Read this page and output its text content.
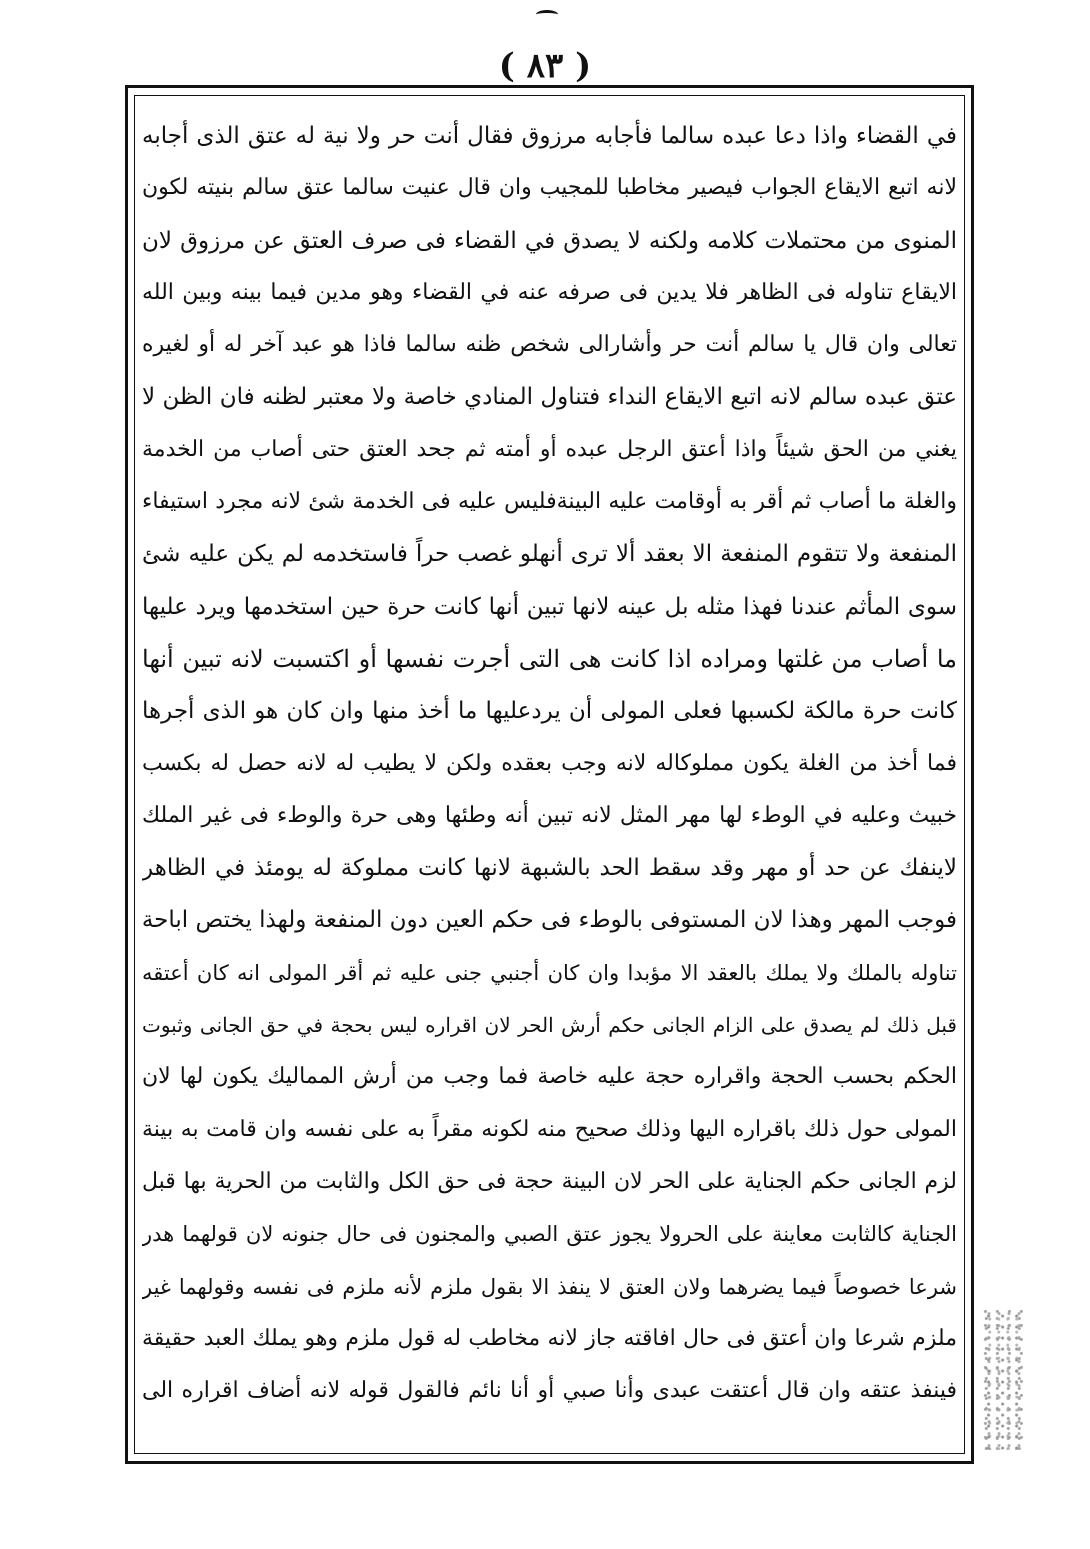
( ٨٣ )
في القضاء واذا دعا عبده سالما فأجابه مرزوق فقال أنت حر ولا نية له عتق الذى أجابه
لانه اتبع الايقاع الجواب فيصير مخاطبا للمجيب وان قال عنيت سالما عتق سالم بنيته لكون
المنوى من محتملات كلامه ولكنه لا يصدق في القضاء فى صرف العتق عن مرزوق لان
الايقاع تناوله فى الظاهر فلا يدين فى صرفه عنه في القضاء وهو مدين فيما بينه وبين الله
تعالى وان قال يا سالم أنت حر وأشارالى شخص ظنه سالما فاذا هو عبد آخر له أو لغيره
عتق عبده سالم لانه اتبع الايقاع النداء فتناول المنادي خاصة ولا معتبر لظنه فان الظن لا
يغني من الحق شيئاً واذا أعتق الرجل عبده أو أمته ثم جحد العتق حتى أصاب من الخدمة
والغلة ما أصاب ثم أقر به أوقامت عليه البينةفليس عليه فى الخدمة شئ لانه مجرد استيفاء
المنفعة ولا تتقوم المنفعة الا بعقد ألا ترى أنهلو غصب حراً فاستخدمه لم يكن عليه شئ
سوى المأثم عندنا فهذا مثله بل عينه لانها تبين أنها كانت حرة حين استخدمها ويرد عليها
ما أصاب من غلتها ومراده اذا كانت هى التى أجرت نفسها أو اكتسبت لانه تبين أنها
كانت حرة مالكة لكسبها فعلى المولى أن يردعليها ما أخذ منها وان كان هو الذى أجرها
فما أخذ من الغلة يكون مملوكاله لانه وجب بعقده ولكن لا يطيب له لانه حصل له بكسب
خبيث وعليه في الوطء لها مهر المثل لانه تبين أنه وطئها وهى حرة والوطء فى غير الملك
لاينفك عن حد أو مهر وقد سقط الحد بالشبهة لانها كانت مملوكة له يومئذ في الظاهر
فوجب المهر وهذا لان المستوفى بالوطء فى حكم العين دون المنفعة ولهذا يختص اباحة
تناوله بالملك ولا يملك بالعقد الا مؤبدا وان كان أجنبي جنى عليه ثم أقر المولى انه كان أعتقه
قبل ذلك لم يصدق على الزام الجانى حكم أرش الحر لان اقراره ليس بحجة في حق الجانى وثبوت
الحكم بحسب الحجة واقراره حجة عليه خاصة فما وجب من أرش المماليك يكون لها لان
المولى حول ذلك باقراره اليها وذلك صحيح منه لكونه مقراً به على نفسه وان قامت به بينة
لزم الجانى حكم الجناية على الحر لان البينة حجة فى حق الكل والثابت من الحرية بها قبل
الجناية كالثابت معاينة على الحرولا يجوز عتق الصبي والمجنون فى حال جنونه لان قولهما هدر
شرعا خصوصاً فيما يضرهما ولان العتق لا ينفذ الا بقول ملزم لأنه ملزم فى نفسه وقولهما غير
ملزم شرعا وان أعتق فى حال افاقته جاز لانه مخاطب له قول ملزم وهو يملك العبد حقيقة
فينفذ عتقه وان قال أعتقت عبدى وأنا صبي أو أنا نائم فالقول قوله لانه أضاف اقراره الى
